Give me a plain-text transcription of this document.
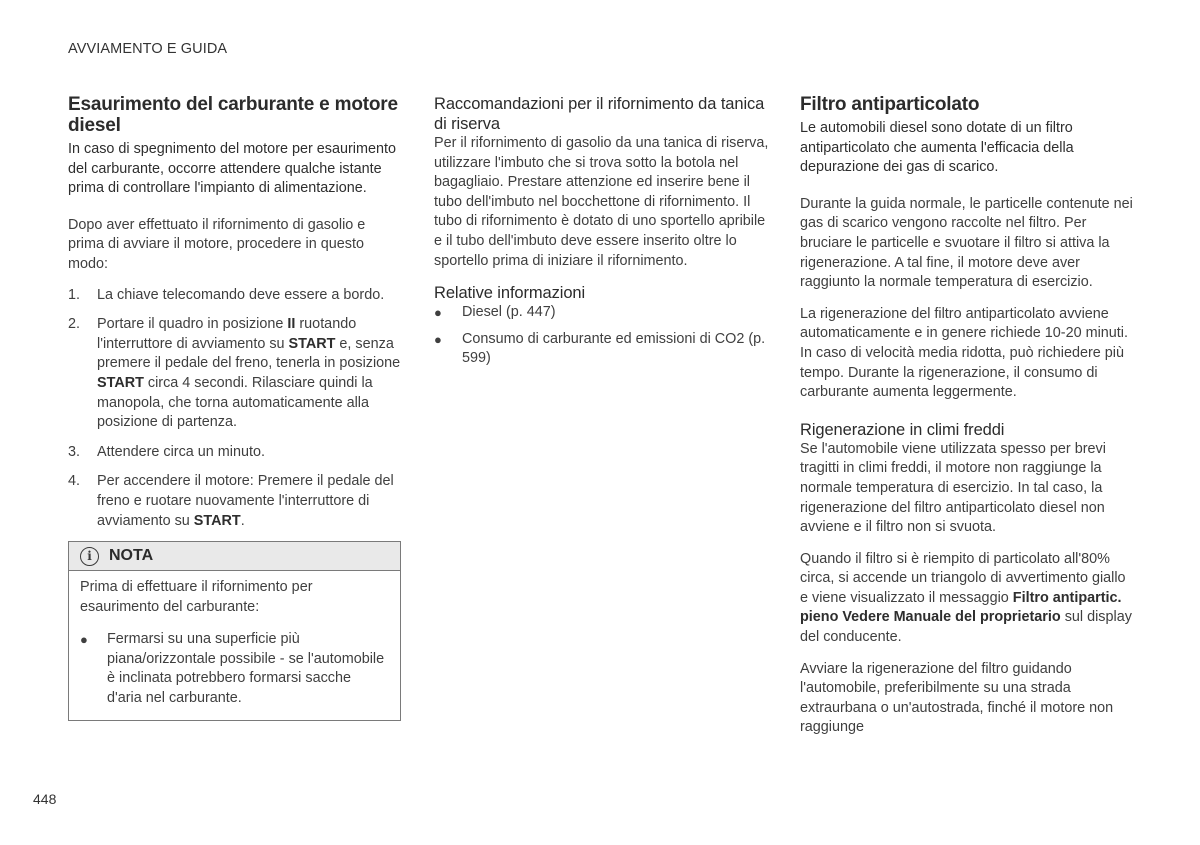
AVVIAMENTO E GUIDA
Esaurimento del carburante e motore diesel

In caso di spegnimento del motore per esaurimento del carburante, occorre attendere qualche istante prima di controllare l'impianto di alimentazione.

Dopo aver effettuato il rifornimento di gasolio e prima di avviare il motore, procedere in questo modo:

1. La chiave telecomando deve essere a bordo.
2. Portare il quadro in posizione II ruotando l'interruttore di avviamento su START e, senza premere il pedale del freno, tenerla in posizione START circa 4 secondi. Rilasciare quindi la manopola, che torna automaticamente alla posizione di partenza.
3. Attendere circa un minuto.
4. Per accendere il motore: Premere il pedale del freno e ruotare nuovamente l'interruttore di avviamento su START.
i	NOTA

Prima di effettuare il rifornimento per esaurimento del carburante:

● Fermarsi su una superficie più piana/orizzontale possibile - se l'automobile è inclinata potrebbero formarsi sacche d'aria nel carburante.
Raccomandazioni per il rifornimento da tanica di riserva

Per il rifornimento di gasolio da una tanica di riserva, utilizzare l'imbuto che si trova sotto la botola nel bagagliaio. Prestare attenzione ed inserire bene il tubo dell'imbuto nel bocchettone di rifornimento. Il tubo di rifornimento è dotato di uno sportello apribile e il tubo dell'imbuto deve essere inserito oltre lo sportello prima di iniziare il rifornimento.

Relative informazioni
● Diesel (p. 447)
● Consumo di carburante ed emissioni di CO2 (p. 599)
Filtro antiparticolato

Le automobili diesel sono dotate di un filtro antiparticolato che aumenta l'efficacia della depurazione dei gas di scarico.

Durante la guida normale, le particelle contenute nei gas di scarico vengono raccolte nel filtro. Per bruciare le particelle e svuotare il filtro si attiva la rigenerazione. A tal fine, il motore deve aver raggiunto la normale temperatura di esercizio.

La rigenerazione del filtro antiparticolato avviene automaticamente e in genere richiede 10-20 minuti. In caso di velocità media ridotta, può richiedere più tempo. Durante la rigenerazione, il consumo di carburante aumenta leggermente.

Rigenerazione in climi freddi

Se l'automobile viene utilizzata spesso per brevi tragitti in climi freddi, il motore non raggiunge la normale temperatura di esercizio. In tal caso, la rigenerazione del filtro antiparticolato diesel non avviene e il filtro non si svuota.

Quando il filtro si è riempito di particolato all'80% circa, si accende un triangolo di avvertimento giallo e viene visualizzato il messaggio Filtro antipartic. pieno Vedere Manuale del proprietario sul display del conducente.

Avviare la rigenerazione del filtro guidando l'automobile, preferibilmente su una strada extraurbana o un'autostrada, finché il motore non raggiunge

448
